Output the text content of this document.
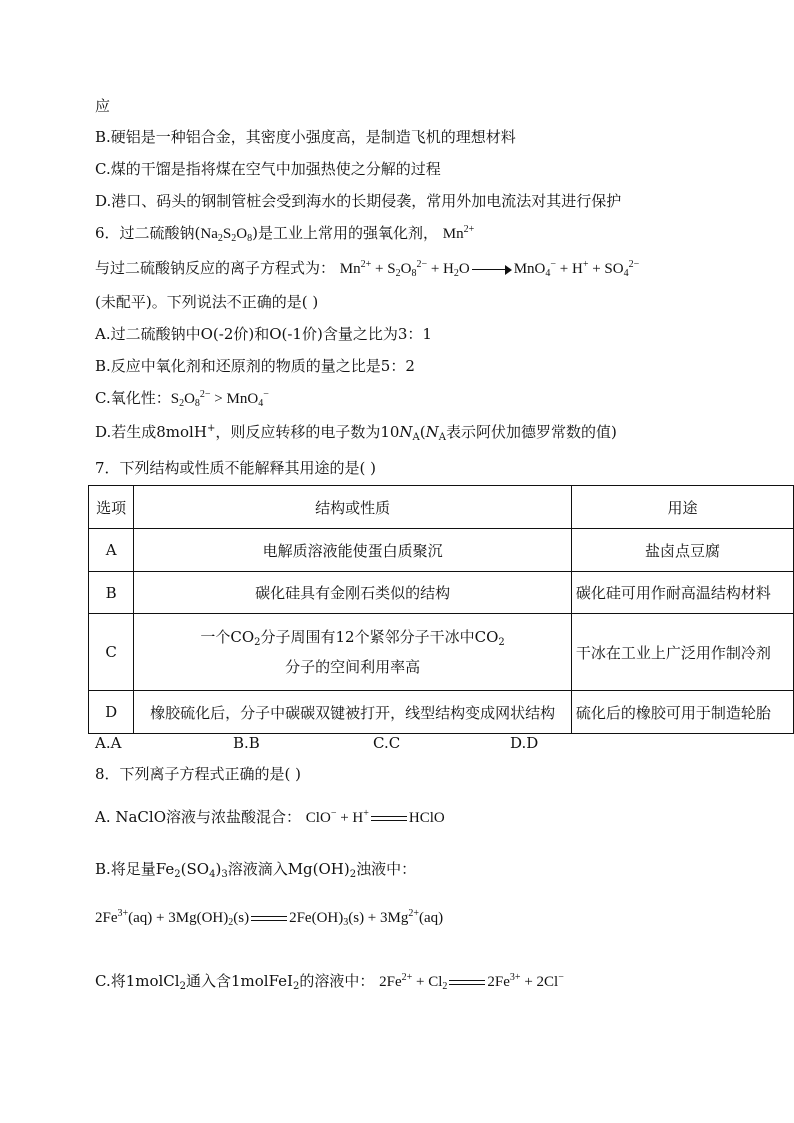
应
B.硬铝是一种铝合金，其密度小强度高，是制造飞机的理想材料
C.煤的干馏是指将煤在空气中加强热使之分解的过程
D.港口、码头的钢制管桩会受到海水的长期侵袭，常用外加电流法对其进行保护
6．过二硫酸钠$(Na_2S_2O_8)$是工业上常用的强氧化剂， $Mn^{2+}$
与过二硫酸钠反应的离子方程式为： $Mn^{2+} + S_2O_8^{2-} + H_2O$	$MnO_4^- + H^+ + SO_4^{2-}$
(未配平)。下列说法不正确的是( )
A.过二硫酸钠中O(-2价)和O(-1价)含量之比为3：1
B.反应中氧化剂和还原剂的物质的量之比是5：2
C.氧化性：$S_2O_8^{2-} > MnO_4^-$
D.若生成8molH+，则反应转移的电子数为$10N_A(N_A$表示阿伏加德罗常数的值)
7．下列结构或性质不能解释其用途的是( )
选项	结构或性质	用途
A	电解质溶液能使蛋白质聚沉	盐卤点豆腐
B	碳化硅具有金刚石类似的结构	碳化硅可用作耐高温结构材料
C	一个$CO_2$分子周围有12个紧邻分子干冰中$CO_2$
分子的空间利用率高	干冰在工业上广泛用作制冷剂
D	橡胶硫化后，分子中碳碳双键被打开，线型结构变成网状结构	硫化后的橡胶可用于制造轮胎
A.A	B.B	C.C	D.D
8．下列离子方程式正确的是( )
A. NaClO溶液与浓盐酸混合： ClO− + H+	HClO
B.将足量$Fe_2(SO_4)_3$溶液滴入$Mg(OH)_2$浊液中：
$2Fe^{3+}(aq) + 3Mg(OH)_2(s)$	$2Fe(OH)_3(s) + 3Mg^{2+}(aq)$
C.将1molCl$_2$通入含1molFeI$_2$的溶液中： $2Fe^{2+} + Cl_2$	$2Fe^{3+} + 2Cl^-$
